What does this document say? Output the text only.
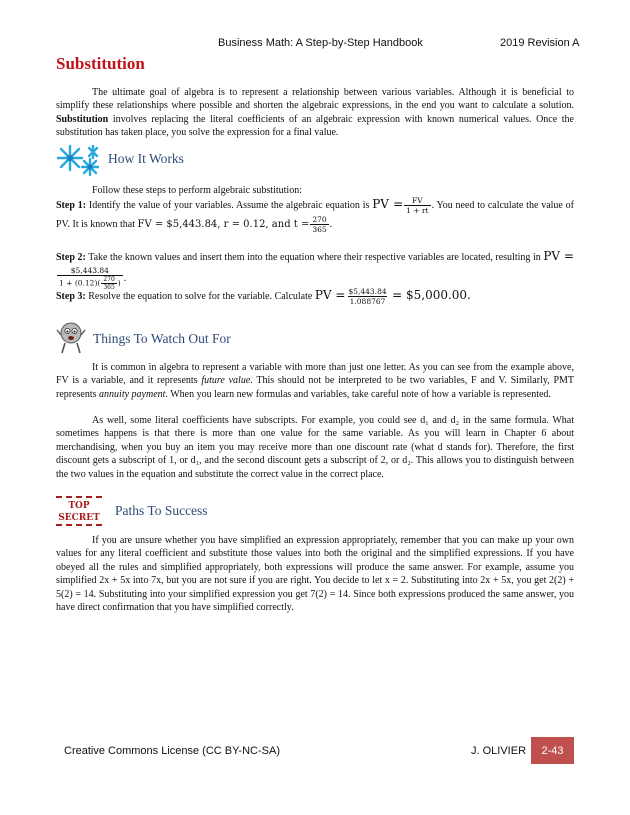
Business Math: A Step-by-Step Handbook	2019 Revision A
Substitution
The ultimate goal of algebra is to represent a relationship between various variables. Although it is beneficial to simplify these relationships where possible and shorten the algebraic expressions, in the end you want to calculate a solution. Substitution involves replacing the literal coefficients of an algebraic expression with known numerical values. Once the substitution has taken place, you solve the expression for a final value.
How It Works
Follow these steps to perform algebraic substitution:
Step 1: Identify the value of your variables. Assume the algebraic equation is PV = $\frac{FV}{1 + rt}$ . You need to calculate the value of PV. It is known that FV = $5,443.84, r = 0.12, and $t = \frac{270}{365}$ .
Step 2: Take the known values and insert them into the equation where their respective variables are located, resulting in PV =
$\frac{\$5,443.84}{1 + (0.12)( \frac{270}{365} )}$ .
Step 3: Resolve the equation to solve for the variable. Calculate PV = $\frac{\$5,443.84}{1.088767}$ = $5,000.00.
Things To Watch Out For
It is common in algebra to represent a variable with more than just one letter. As you can see from the example above, FV is a variable, and it represents future value. This should not be interpreted to be two variables, F and V. Similarly, PMT represents annuity payment. When you learn new formulas and variables, take careful note of how a variable is represented.
As well, some literal coefficients have subscripts. For example, you could see d₁ and d₂ in the same formula. What sometimes happens is that there is more than one value for the same variable. As you will learn in Chapter 6 about merchandising, when you buy an item you may receive more than one discount rate (what d stands for). Therefore, the first discount gets a subscript of 1, or d₁, and the second discount gets a subscript of 2, or d₂. This allows you to distinguish between the two values in the equation and substitute the correct value in the correct place.
TOP
SECRET Paths To Success
If you are unsure whether you have simplified an expression appropriately, remember that you can make up your own values for any literal coefficient and substitute those values into both the original and the simplified expressions. If you have obeyed all the rules and simplified appropriately, both expressions will produce the same answer. For example, assume you simplified 2x + 5x into 7x, but you are not sure if you are right. You decide to let x = 2. Substituting into 2x + 5x, you get 2(2) + 5(2) = 14. Substituting into your simplified expression you get 7(2) = 14. Since both expressions produced the same answer, you have direct confirmation that you have simplified correctly.
Creative Commons License (CC BY-NC-SA)	J. OLIVIER 2-43
